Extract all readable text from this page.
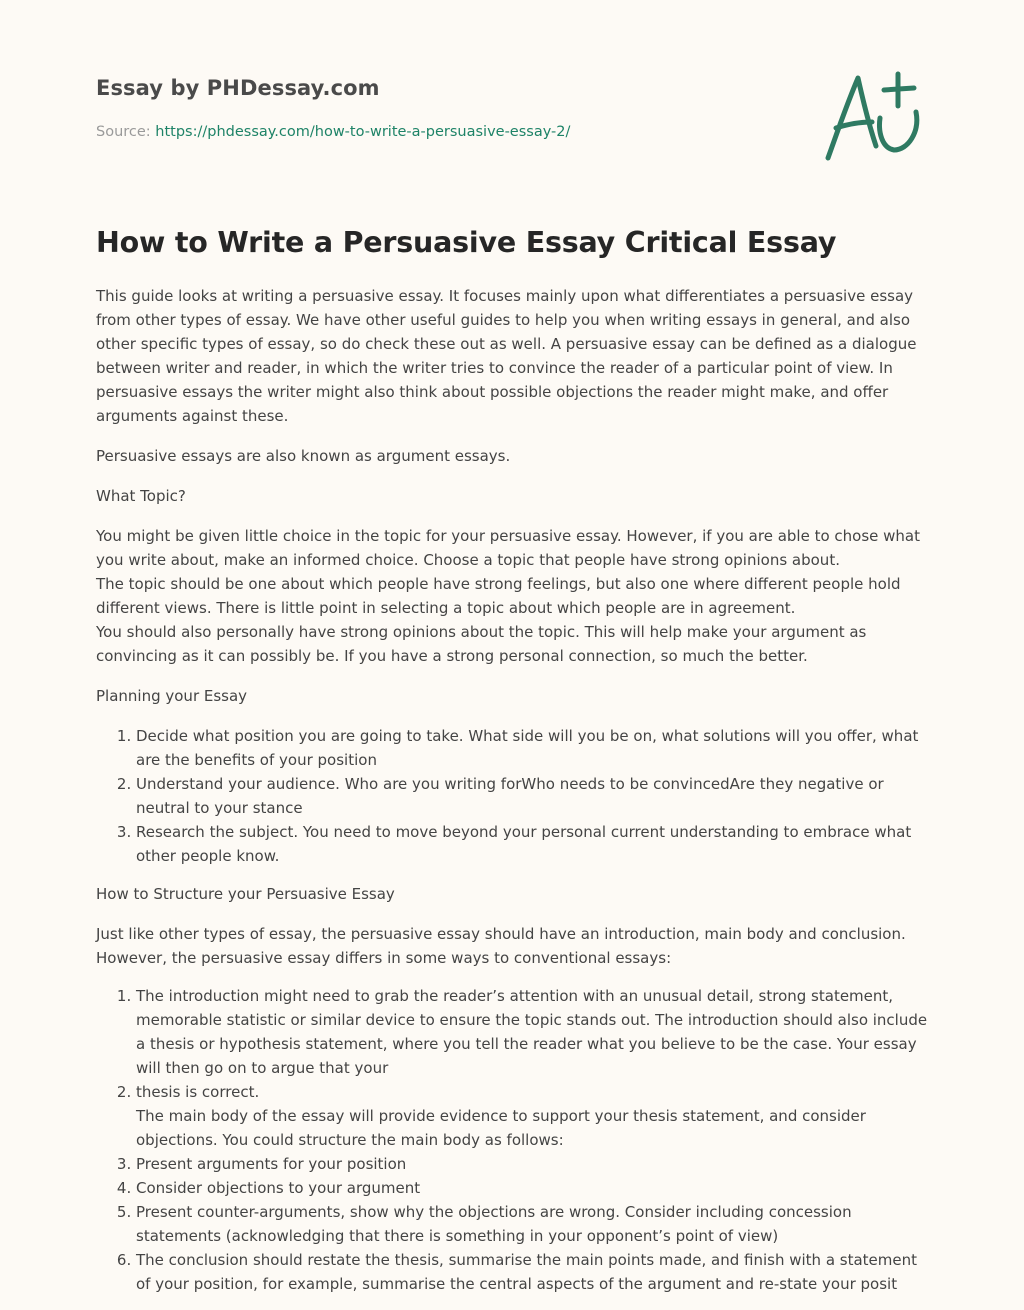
Essay by PHDessay.com
Source: https://phdessay.com/how-to-write-a-persuasive-essay-2/
How to Write a Persuasive Essay Critical Essay

This guide looks at writing a persuasive essay. It focuses mainly upon what differentiates a persuasive essay from other types of essay. We have other useful guides to help you when writing essays in general, and also other specific types of essay, so do check these out as well. A persuasive essay can be defined as a dialogue between writer and reader, in which the writer tries to convince the reader of a particular point of view. In persuasive essays the writer might also think about possible objections the reader might make, and offer arguments against these.

Persuasive essays are also known as argument essays.

What Topic?

You might be given little choice in the topic for your persuasive essay. However, if you are able to chose what you write about, make an informed choice. Choose a topic that people have strong opinions about.
The topic should be one about which people have strong feelings, but also one where different people hold different views. There is little point in selecting a topic about which people are in agreement.
You should also personally have strong opinions about the topic. This will help make your argument as convincing as it can possibly be. If you have a strong personal connection, so much the better.

Planning your Essay

1. Decide what position you are going to take. What side will you be on, what solutions will you offer, what are the benefits of your position
2. Understand your audience. Who are you writing forWho needs to be convincedAre they negative or neutral to your stance
3. Research the subject. You need to move beyond your personal current understanding to embrace what other people know.

How to Structure your Persuasive Essay

Just like other types of essay, the persuasive essay should have an introduction, main body and conclusion. However, the persuasive essay differs in some ways to conventional essays:

1. The introduction might need to grab the reader’s attention with an unusual detail, strong statement, memorable statistic or similar device to ensure the topic stands out. The introduction should also include a thesis or hypothesis statement, where you tell the reader what you believe to be the case. Your essay will then go on to argue that your
2. thesis is correct.
The main body of the essay will provide evidence to support your thesis statement, and consider objections. You could structure the main body as follows:
3. Present arguments for your position
4. Consider objections to your argument
5. Present counter-arguments, show why the objections are wrong. Consider including concession statements (acknowledging that there is something in your opponent’s point of view)
6. The conclusion should restate the thesis, summarise the main points made, and finish with a statement of your position, for example, summarise the central aspects of the argument and re-state your posit
